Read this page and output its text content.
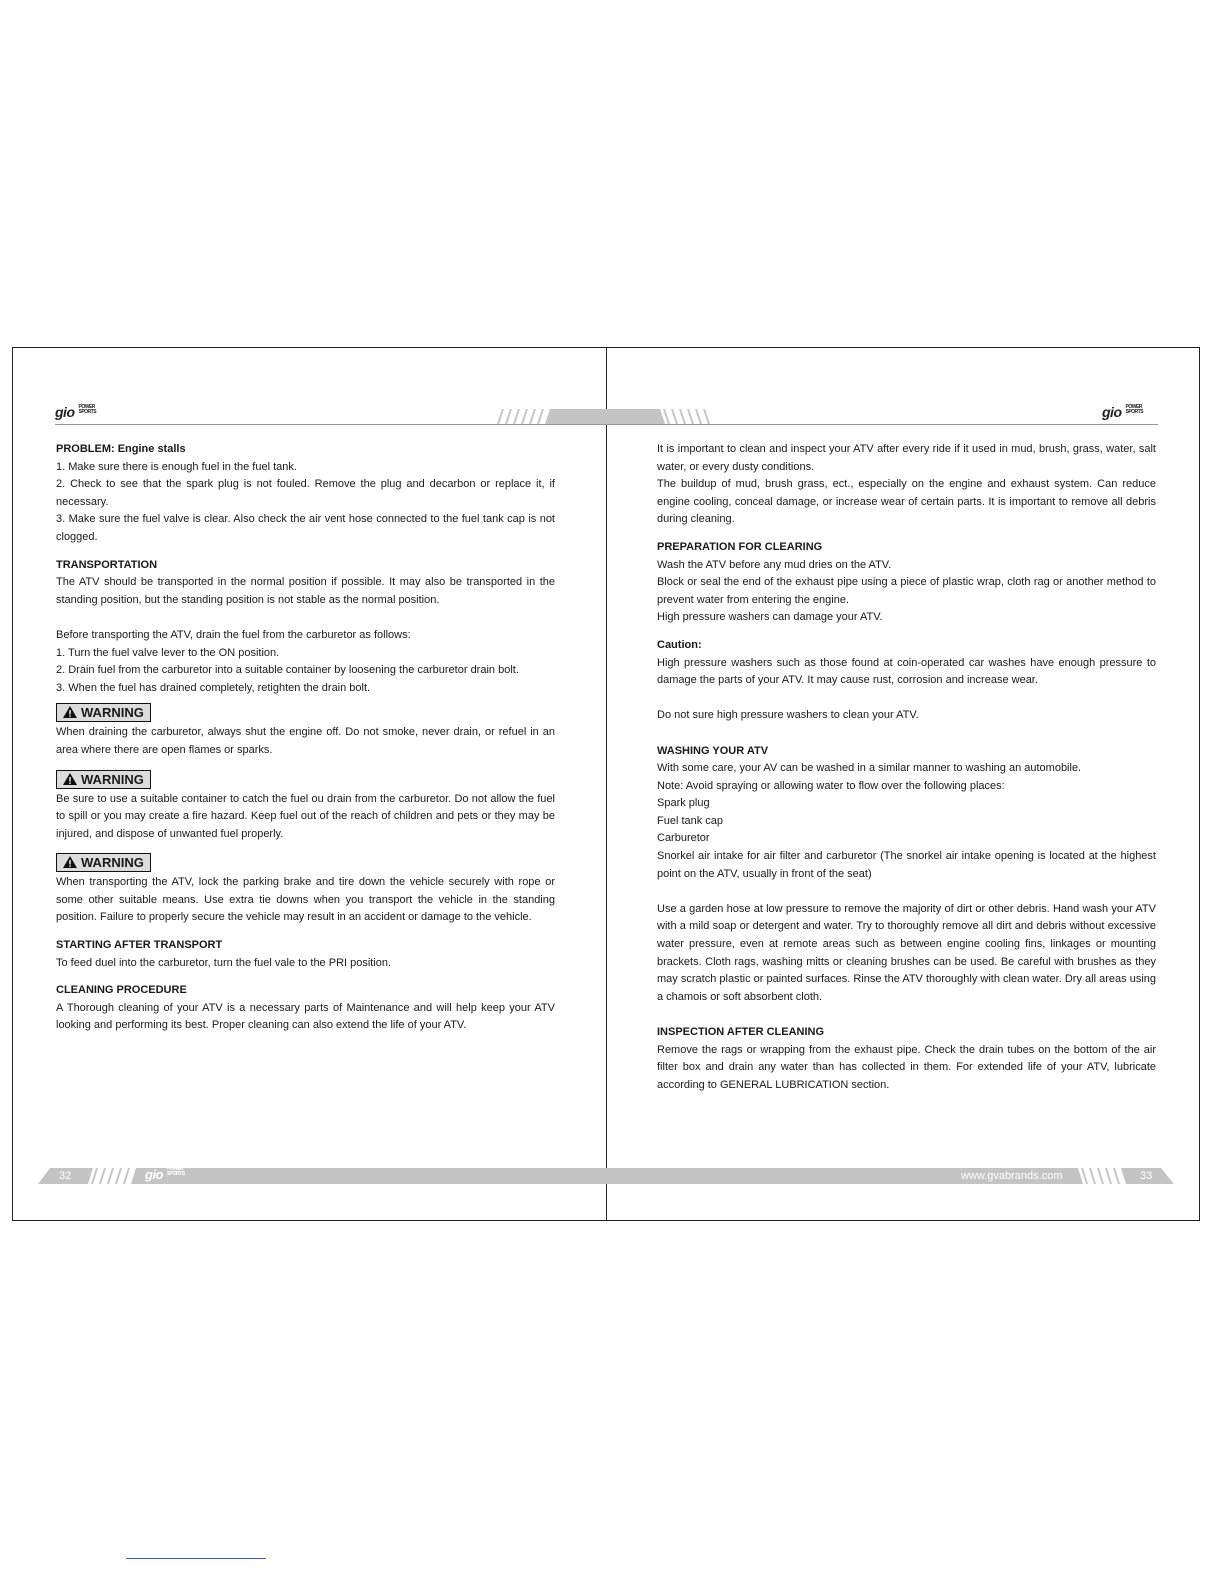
gio POWER SPORTS	gio POWER SPORTS

PROBLEM: Engine stalls

1. Make sure there is enough fuel in the fuel tank.

2. Check to see that the spark plug is not fouled. Remove the plug and decarbon or replace it, if necessary.

3. Make sure the fuel valve is clear. Also check the air vent hose connected to the fuel tank cap is not clogged.

TRANSPORTATION

The ATV should be transported in the normal position if possible. It may also be transported in the standing position, but the standing position is not stable as the normal position.

Before transporting the ATV, drain the fuel from the carburetor as follows:

1. Turn the fuel valve lever to the ON position.

2. Drain fuel from the carburetor into a suitable container by loosening the carburetor drain bolt.

3. When the fuel has drained completely, retighten the drain bolt.

WARNING

When draining the carburetor, always shut the engine off. Do not smoke, never drain, or refuel in an area where there are open flames or sparks.

WARNING

Be sure to use a suitable container to catch the fuel ou drain from the carburetor. Do not allow the fuel to spill or you may create a fire hazard. Keep fuel out of the reach of children and pets or they may be injured, and dispose of unwanted fuel properly.

WARNING

When transporting the ATV, lock the parking brake and tire down the vehicle securely with rope or some other suitable means. Use extra tie downs when you transport the vehicle in the standing position. Failure to properly secure the vehicle may result in an accident or damage to the vehicle.

STARTING AFTER TRANSPORT

To feed duel into the carburetor, turn the fuel vale to the PRI position.

CLEANING PROCEDURE

A Thorough cleaning of your ATV is a necessary parts of Maintenance and will help keep your ATV looking and performing its best. Proper cleaning can also extend the life of your ATV.

It is important to clean and inspect your ATV after every ride if it used in mud, brush, grass, water, salt water, or every dusty conditions.

The buildup of mud, brush grass, ect., especially on the engine and exhaust system. Can reduce engine cooling, conceal damage, or increase wear of certain parts. It is important to remove all debris during cleaning.

PREPARATION FOR CLEARING

Wash the ATV before any mud dries on the ATV.

Block or seal the end of the exhaust pipe using a piece of plastic wrap, cloth rag or another method to prevent water from entering the engine.

High pressure washers can damage your ATV.

Caution:

High pressure washers such as those found at coin-operated car washes have enough pressure to damage the parts of your ATV. It may cause rust, corrosion and increase wear.

Do not sure high pressure washers to clean your ATV.

WASHING YOUR ATV

With some care, your AV can be washed in a similar manner to washing an automobile.

Note: Avoid spraying or allowing water to flow over the following places:

Spark plug

Fuel tank cap

Carburetor

Snorkel air intake for air filter and carburetor (The snorkel air intake opening is located at the highest point on the ATV, usually in front of the seat)

Use a garden hose at low pressure to remove the majority of dirt or other debris. Hand wash your ATV with a mild soap or detergent and water. Try to thoroughly remove all dirt and debris without excessive water pressure, even at remote areas such as between engine cooling fins, linkages or mounting brackets. Cloth rags, washing mitts or cleaning brushes can be used. Be careful with brushes as they may scratch plastic or painted surfaces. Rinse the ATV thoroughly with clean water. Dry all areas using a chamois or soft absorbent cloth.

INSPECTION AFTER CLEANING

Remove the rags or wrapping from the exhaust pipe. Check the drain tubes on the bottom of the air filter box and drain any water than has collected in them. For extended life of your ATV, lubricate according to GENERAL LUBRICATION section.

32	gio POWER SPORTS	www.gvabrands.com	33
